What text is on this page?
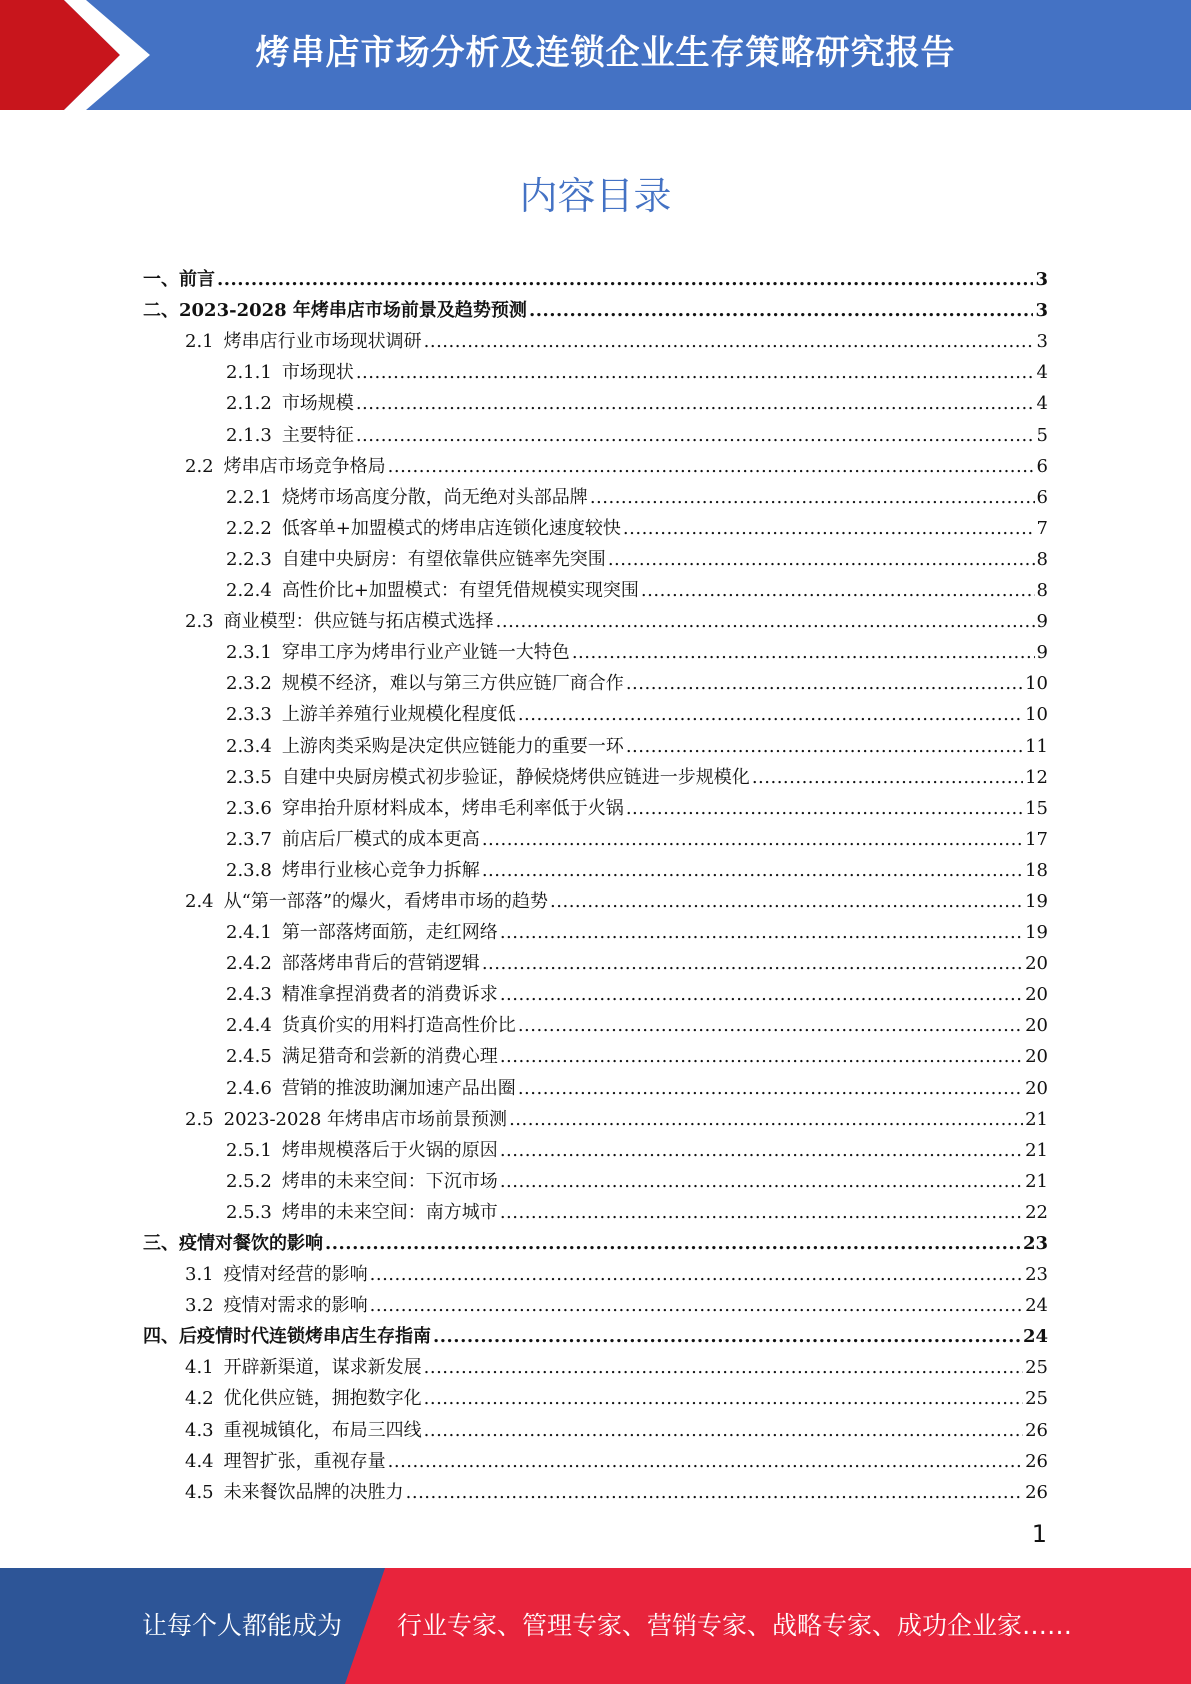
烤串店市场分析及连锁企业生存策略研究报告
内容目录
一、 前言 .....	3
二、 2023-2028 年烤串店市场前景及趋势预测 .....	3
2.1 烤串店行业市场现状调研 .....	3
2.1.1 市场现状 .....	4
2.1.2 市场规模 .....	4
2.1.3 主要特征 .....	5
2.2 烤串店市场竞争格局 .....	6
2.2.1 烧烤市场高度分散，尚无绝对头部品牌 .....	6
2.2.2 低客单+加盟模式的烤串店连锁化速度较快 .....	7
2.2.3 自建中央厨房：有望依靠供应链率先突围 .....	8
2.2.4 高性价比+加盟模式：有望凭借规模实现突围 .....	8
2.3 商业模型：供应链与拓店模式选择 .....	9
2.3.1 穿串工序为烤串行业产业链一大特色 .....	9
2.3.2 规模不经济，难以与第三方供应链厂商合作 .....	10
2.3.3 上游羊养殖行业规模化程度低 .....	10
2.3.4 上游肉类采购是决定供应链能力的重要一环 .....	11
2.3.5 自建中央厨房模式初步验证，静候烧烤供应链进一步规模化 .....	12
2.3.6 穿串抬升原材料成本，烤串毛利率低于火锅 .....	15
2.3.7 前店后厂模式的成本更高 .....	17
2.3.8 烤串行业核心竞争力拆解 .....	18
2.4 从“第一部落”的爆火，看烤串市场的趋势 .....	19
2.4.1 第一部落烤面筋，走红网络 .....	19
2.4.2 部落烤串背后的营销逻辑 .....	20
2.4.3 精准拿捏消费者的消费诉求 .....	20
2.4.4 货真价实的用料打造高性价比 .....	20
2.4.5 满足猎奇和尝新的消费心理 .....	20
2.4.6 营销的推波助澜加速产品出圈 .....	20
2.5 2023-2028 年烤串店市场前景预测 .....	21
2.5.1 烤串规模落后于火锅的原因 .....	21
2.5.2 烤串的未来空间：下沉市场 .....	21
2.5.3 烤串的未来空间：南方城市 .....	22
三、 疫情对餐饮的影响 .....	23
3.1 疫情对经营的影响 .....	23
3.2 疫情对需求的影响 .....	24
四、 后疫情时代连锁烤串店生存指南 .....	24
4.1 开辟新渠道，谋求新发展 .....	25
4.2 优化供应链，拥抱数字化 .....	25
4.3 重视城镇化，布局三四线 .....	26
4.4 理智扩张，重视存量 .....	26
4.5 未来餐饮品牌的决胜力 .....	26
1
让每个人都能成为 行业专家、管理专家、营销专家、战略专家、成功企业家……
